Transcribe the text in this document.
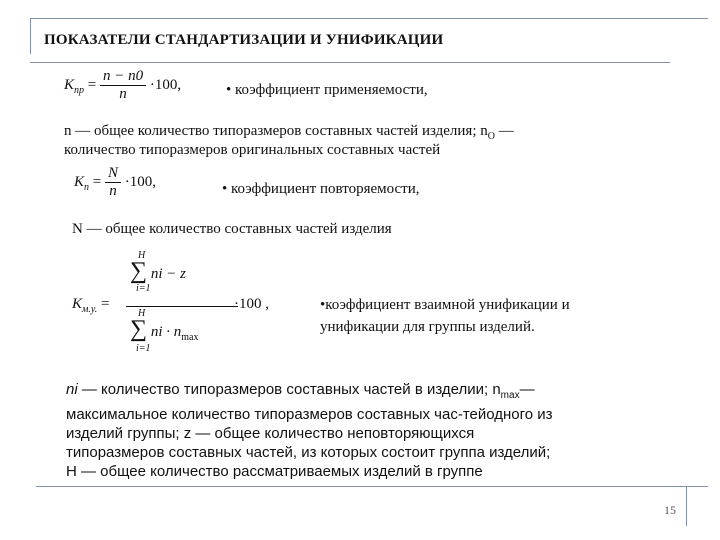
ПОКАЗАТЕЛИ СТАНДАРТИЗАЦИИ И УНИФИКАЦИИ
$K_{пр} = \frac{n - n0}{n} \cdot 100$,	• коэффициент применяемости,
n — общее количество типоразмеров составных частей изделия; $n_O$ —
количество типоразмеров оригинальных составных частей
$K_n = \frac{N}{n} \cdot 100$,	• коэффициент повторяемости,
N — общее количество составных частей изделия
$K_{м.у.}$ =
H
∑ ni − z
i=1
H
∑ ni · $n_{max}$
i=1
·100 ,	•коэффициент взаимной унификации и
унификации для группы изделий.
ni — количество типоразмеров составных частей в изделии; $n_{max}—$
максимальное количество типоразмеров составных час-тейодного из
изделий группы; z — общее количество неповторяющихся
типоразмеров составных частей, из которых состоит группа изделий;
H — общее количество рассматриваемых изделий в группе
15
